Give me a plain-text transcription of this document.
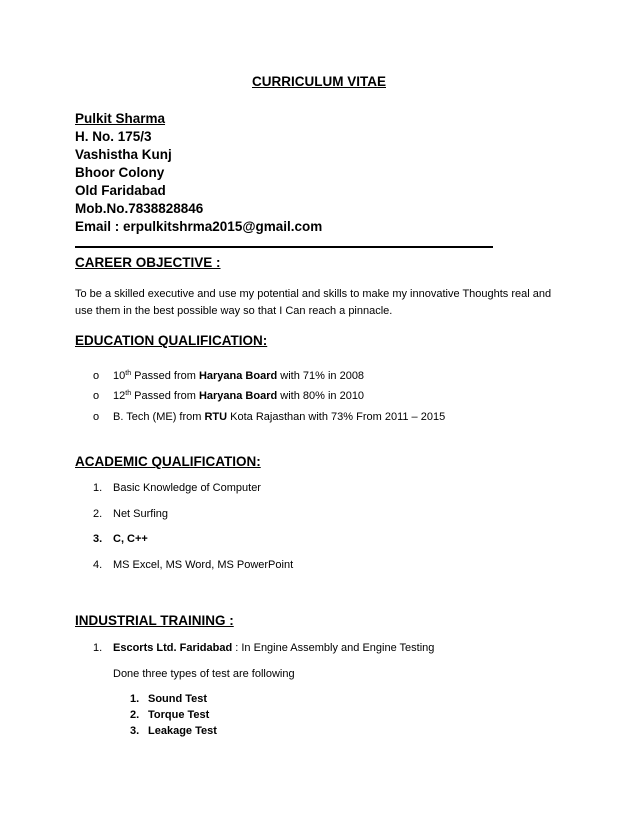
CURRICULUM VITAE
Pulkit Sharma
H. No. 175/3
Vashistha Kunj
Bhoor Colony
Old Faridabad
Mob.No.7838828846
Email : erpulkitshrma2015@gmail.com
CAREER OBJECTIVE :
To be a skilled executive and use my potential and skills to make my innovative Thoughts real and use them in the best possible way so that I Can reach a pinnacle.
EDUCATION QUALIFICATION:
o 10th Passed from Haryana Board with 71% in 2008
o 12th Passed from Haryana Board with 80% in 2010
o B. Tech (ME) from RTU Kota Rajasthan with 73% From 2011 – 2015
ACADEMIC QUALIFICATION:
1. Basic Knowledge of Computer
2. Net Surfing
3. C, C++
4. MS Excel, MS Word, MS PowerPoint
INDUSTRIAL TRAINING :
1. Escorts Ltd. Faridabad : In Engine Assembly and Engine Testing
Done three types of test are following
1. Sound Test
2. Torque Test
3. Leakage Test
